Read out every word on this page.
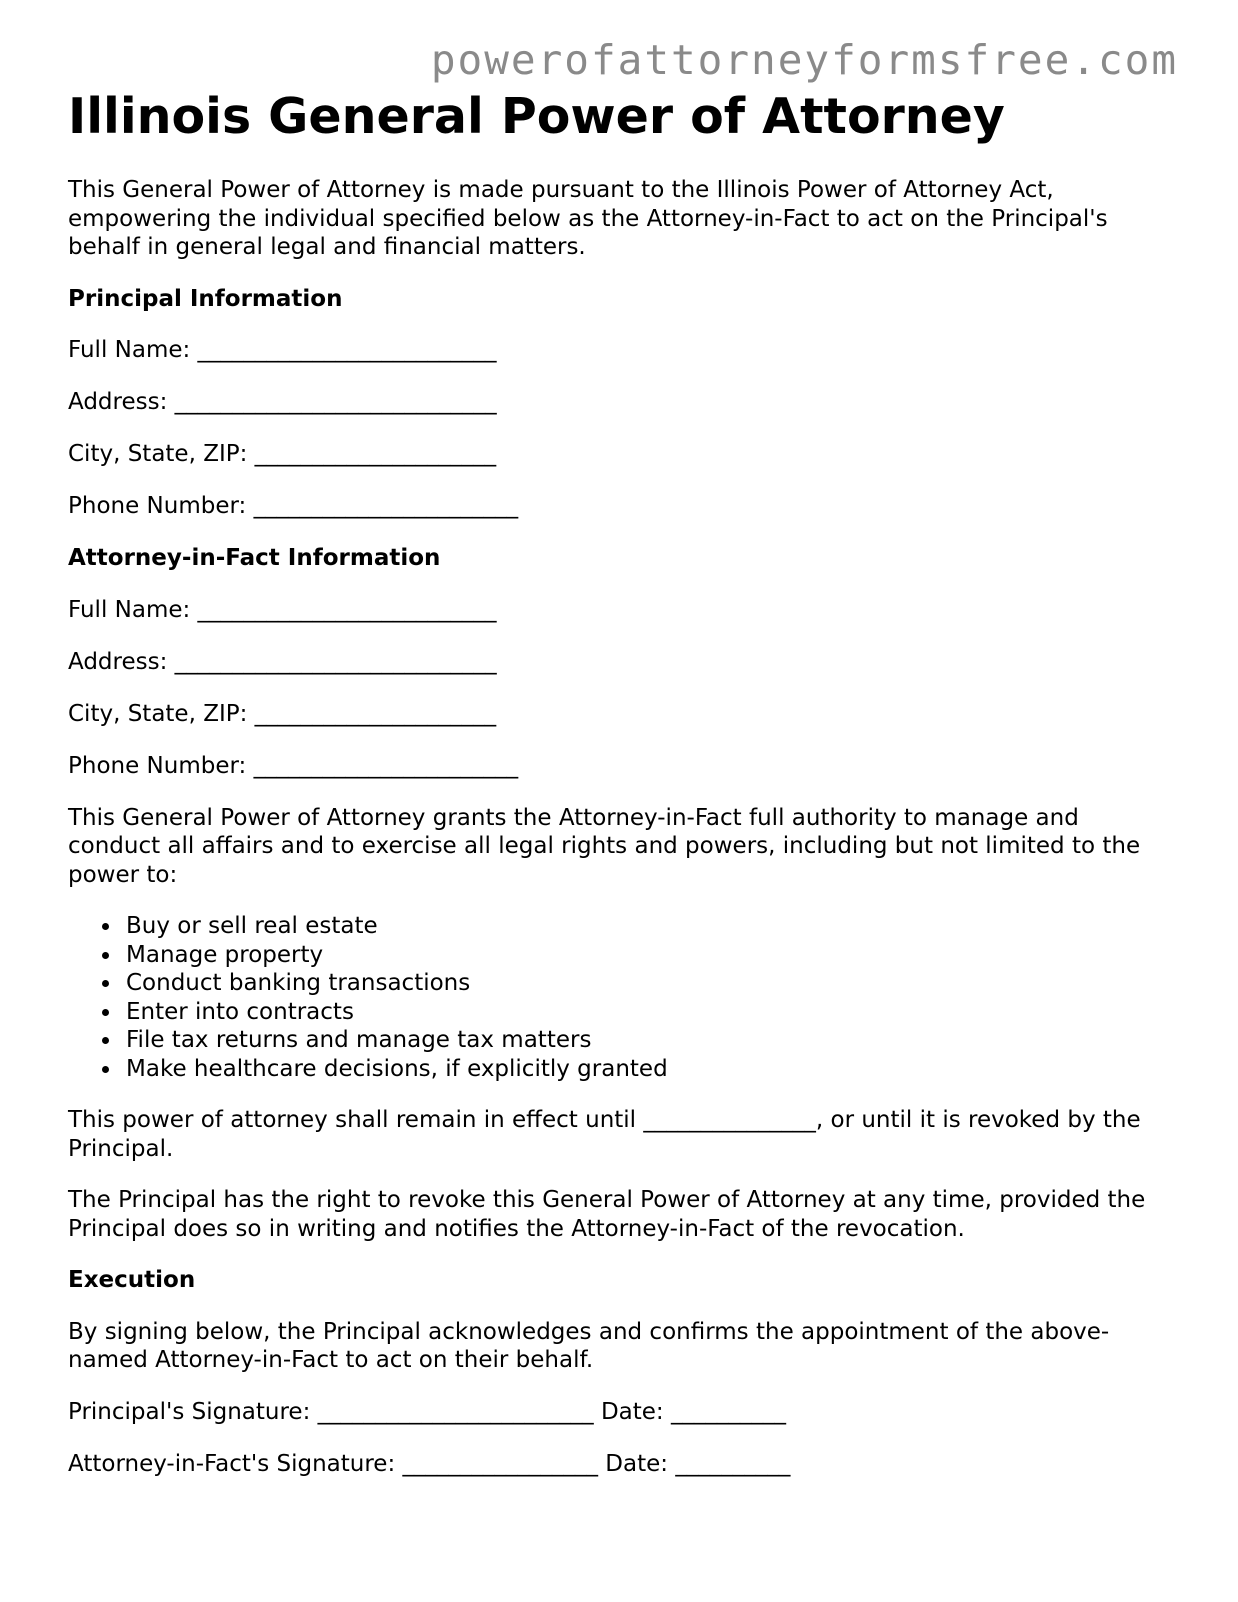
powerofattorneyformsfree.com
Illinois General Power of Attorney

This General Power of Attorney is made pursuant to the Illinois Power of Attorney Act, empowering the individual specified below as the Attorney-in-Fact to act on the Principal's behalf in general legal and financial matters.

Principal Information
Full Name: __________________________
Address: ____________________________
City, State, ZIP: _____________________
Phone Number: _______________________
Attorney-in-Fact Information
Full Name: __________________________
Address: ____________________________
City, State, ZIP: _____________________
Phone Number: _______________________

This General Power of Attorney grants the Attorney-in-Fact full authority to manage and conduct all affairs and to exercise all legal rights and powers, including but not limited to the power to:

Buy or sell real estate
Manage property
Conduct banking transactions
Enter into contracts
File tax returns and manage tax matters
Make healthcare decisions, if explicitly granted

This power of attorney shall remain in effect until _______________, or until it is revoked by the Principal.

The Principal has the right to revoke this General Power of Attorney at any time, provided the Principal does so in writing and notifies the Attorney-in-Fact of the revocation.

Execution

By signing below, the Principal acknowledges and confirms the appointment of the above-named Attorney-in-Fact to act on their behalf.

Principal's Signature: ________________________ Date: __________
Attorney-in-Fact's Signature: _________________ Date: __________
